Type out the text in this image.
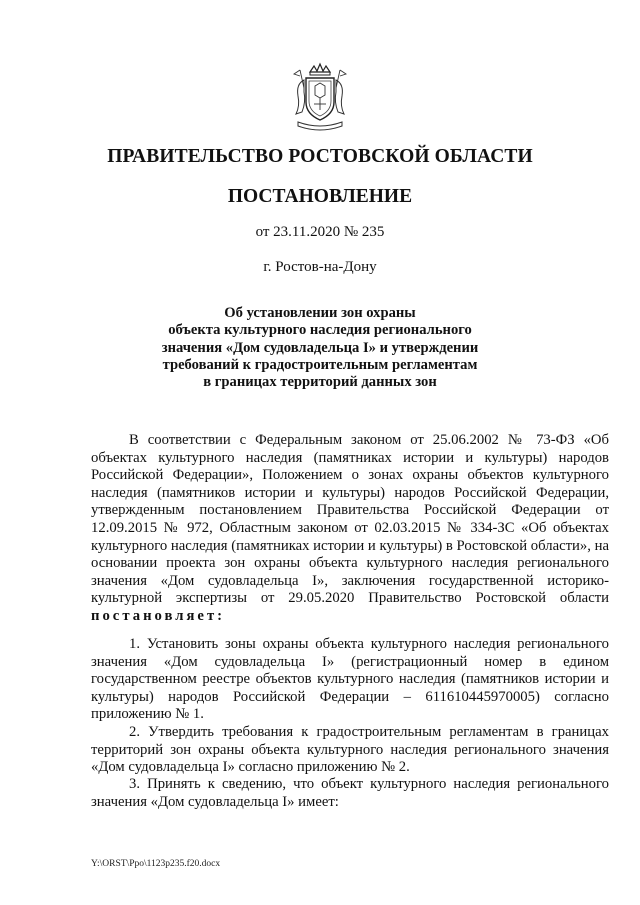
ПРАВИТЕЛЬСТВО РОСТОВСКОЙ ОБЛАСТИ
ПОСТАНОВЛЕНИЕ
от 23.11.2020 № 235
г. Ростов-на-Дону
Об установлении зон охраны
объекта культурного наследия регионального
значения «Дом судовладельца I» и утверждении
требований к градостроительным регламентам
в границах территорий данных зон

В соответствии с Федеральным законом от 25.06.2002 № 73-ФЗ «Об объектах культурного наследия (памятниках истории и культуры) народов Российской Федерации», Положением о зонах охраны объектов культурного наследия (памятников истории и культуры) народов Российской Федерации, утвержденным постановлением Правительства Российской Федерации от 12.09.2015 № 972, Областным законом от 02.03.2015 № 334-ЗС «Об объектах культурного наследия (памятниках истории и культуры) в Ростовской области», на основании проекта зон охраны объекта культурного наследия регионального значения «Дом судовладельца I», заключения государственной историко-культурной экспертизы от 29.05.2020 Правительство Ростовской области постановляет:

1. Установить зоны охраны объекта культурного наследия регионального значения «Дом судовладельца I» (регистрационный номер в едином государственном реестре объектов культурного наследия (памятников истории и культуры) народов Российской Федерации – 611610445970005) согласно приложению № 1.

2. Утвердить требования к градостроительным регламентам в границах территорий зон охраны объекта культурного наследия регионального значения «Дом судовладельца I» согласно приложению № 2.

3. Принять к сведению, что объект культурного наследия регионального значения «Дом судовладельца I» имеет:

Y:\ORST\Ppo\1123p235.f20.docx
